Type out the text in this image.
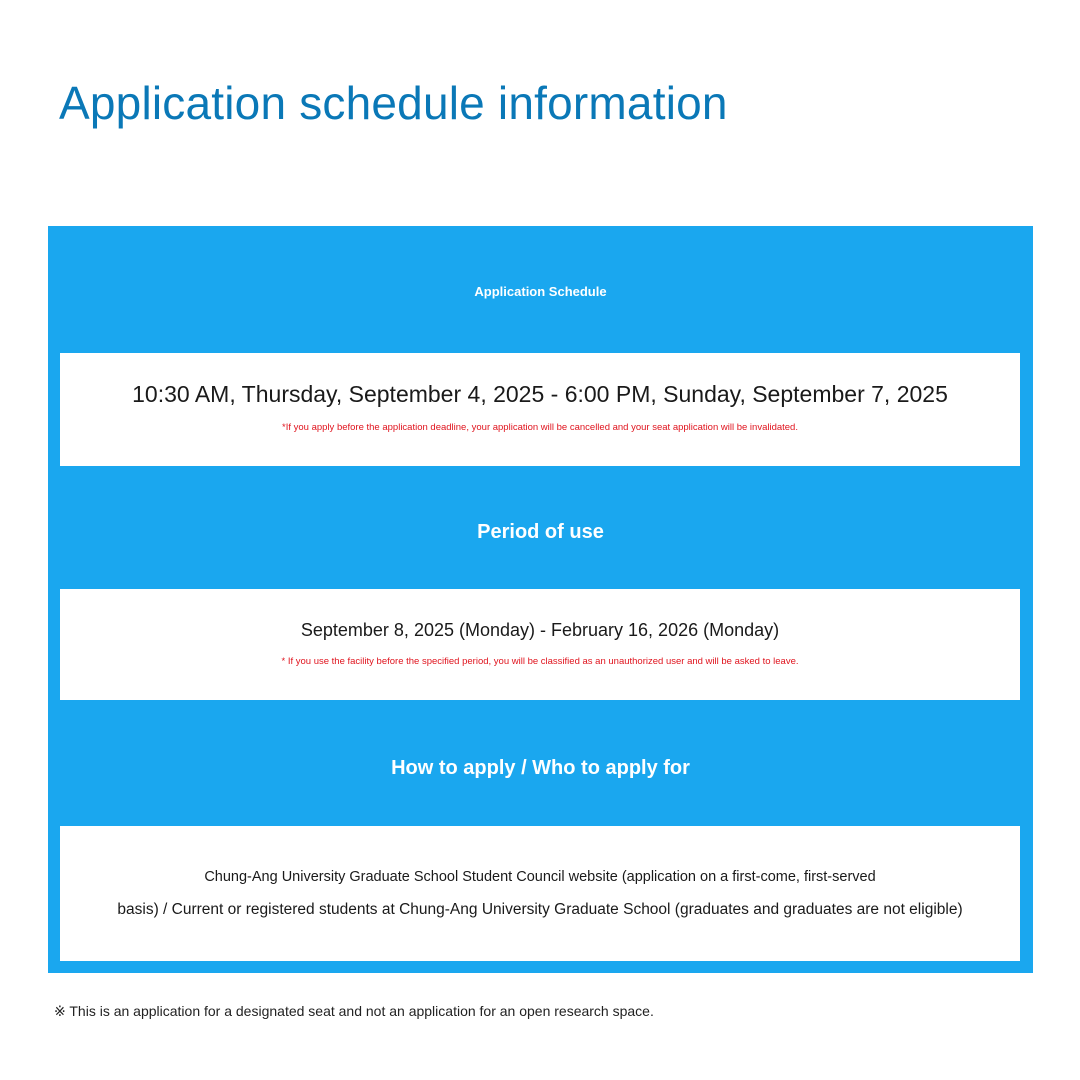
Application schedule information
Application Schedule
10:30 AM, Thursday, September 4, 2025 - 6:00 PM, Sunday, September 7, 2025
*If you apply before the application deadline, your application will be cancelled and your seat application will be invalidated.
Period of use
September 8, 2025 (Monday) - February 16, 2026 (Monday)
* If you use the facility before the specified period, you will be classified as an unauthorized user and will be asked to leave.
How to apply / Who to apply for
Chung-Ang University Graduate School Student Council website (application on a first-come, first-served
basis) / Current or registered students at Chung-Ang University Graduate School (graduates and graduates are not eligible)
※ This is an application for a designated seat and not an application for an open research space.
